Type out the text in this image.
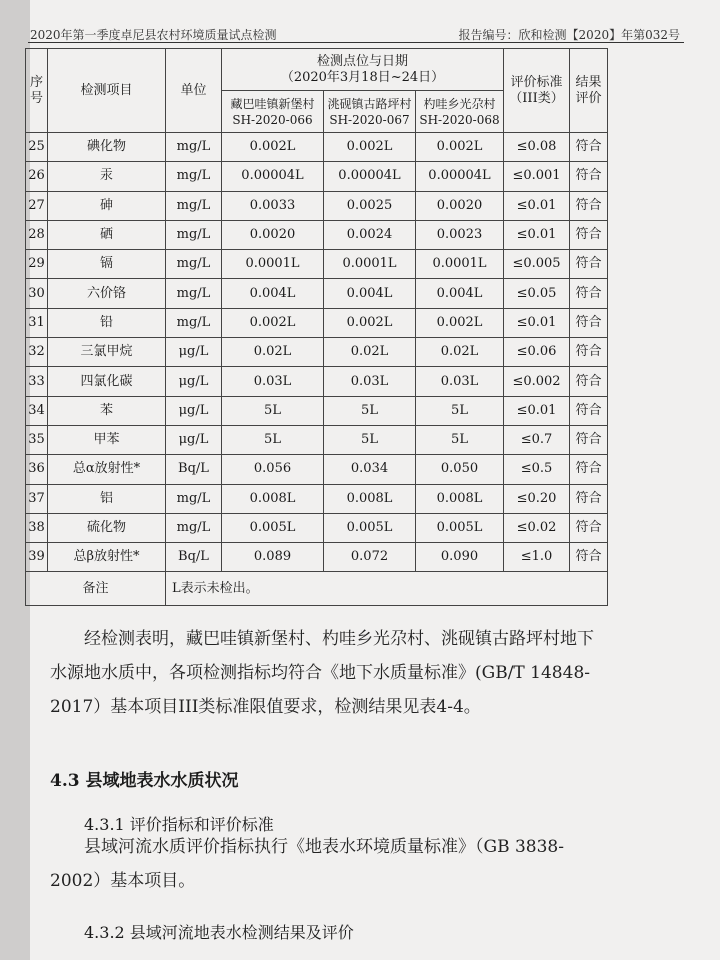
2020年第一季度卓尼县农村环境质量试点检测	报告编号：欣和检测【2020】年第032号
序号	检测项目	单位	检测点位与日期
（2020年3月18日~24日）			评价标准（III类）	结果评价
			藏巴哇镇新堡村SH-2020-066	洮砚镇古路坪村SH-2020-067	杓哇乡光尕村SH-2020-068		
25	碘化物	mg/L	0.002L	0.002L	0.002L	≤0.08	符合
26	汞	mg/L	0.00004L	0.00004L	0.00004L	≤0.001	符合
27	砷	mg/L	0.0033	0.0025	0.0020	≤0.01	符合
28	硒	mg/L	0.0020	0.0024	0.0023	≤0.01	符合
29	镉	mg/L	0.0001L	0.0001L	0.0001L	≤0.005	符合
30	六价铬	mg/L	0.004L	0.004L	0.004L	≤0.05	符合
31	铅	mg/L	0.002L	0.002L	0.002L	≤0.01	符合
32	三氯甲烷	μg/L	0.02L	0.02L	0.02L	≤0.06	符合
33	四氯化碳	μg/L	0.03L	0.03L	0.03L	≤0.002	符合
34	苯	μg/L	5L	5L	5L	≤0.01	符合
35	甲苯	μg/L	5L	5L	5L	≤0.7	符合
36	总α放射性*	Bq/L	0.056	0.034	0.050	≤0.5	符合
37	铝	mg/L	0.008L	0.008L	0.008L	≤0.20	符合
38	硫化物	mg/L	0.005L	0.005L	0.005L	≤0.02	符合
39	总β放射性*	Bq/L	0.089	0.072	0.090	≤1.0	符合
备注		L表示未检出。					
经检测表明，藏巴哇镇新堡村、杓哇乡光尕村、洮砚镇古路坪村地下水源地水质中，各项检测指标均符合《地下水质量标准》(GB/T 14848-2017）基本项目III类标准限值要求，检测结果见表4-4。
4.3 县域地表水水质状况
4.3.1 评价指标和评价标准
县域河流水质评价指标执行《地表水环境质量标准》（GB 3838-2002）基本项目。
4.3.2 县域河流地表水检测结果及评价
